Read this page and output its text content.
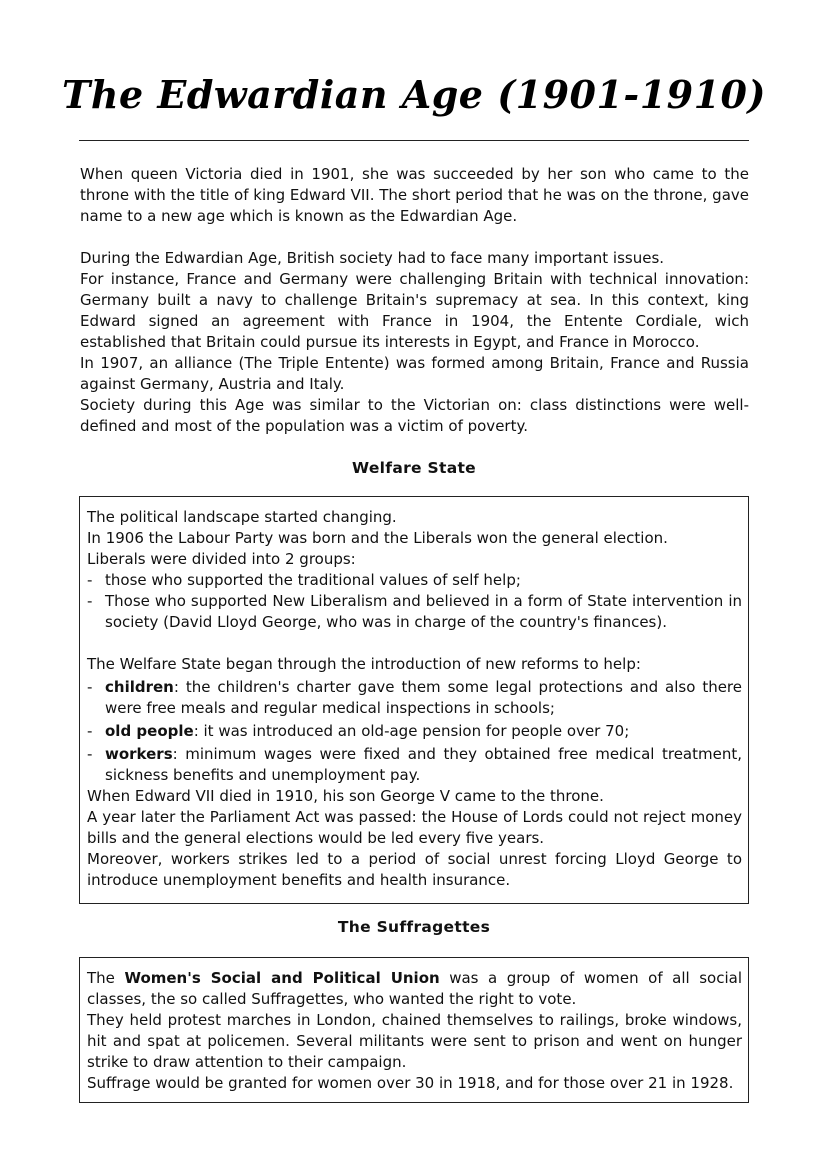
The Edwardian Age (1901-1910)

When queen Victoria died in 1901, she was succeeded by her son who came to the throne with the title of king Edward VII. The short period that he was on the throne, gave name to a new age which is known as the Edwardian Age.

During the Edwardian Age, British society had to face many important issues.

For instance, France and Germany were challenging Britain with technical innovation: Germany built a navy to challenge Britain's supremacy at sea. In this context, king Edward signed an agreement with France in 1904, the Entente Cordiale, wich established that Britain could pursue its interests in Egypt, and France in Morocco.

In 1907, an alliance (The Triple Entente) was formed among Britain, France and Russia against Germany, Austria and Italy.

Society during this Age was similar to the Victorian on: class distinctions were well-defined and most of the population was a victim of poverty.

Welfare State

The political landscape started changing.

In 1906 the Labour Party was born and the Liberals won the general election.

Liberals were divided into 2 groups:

- those who supported the traditional values of self help;
- Those who supported New Liberalism and believed in a form of State intervention in society (David Lloyd George, who was in charge of the country's finances).

The Welfare State began through the introduction of new reforms to help:

- children: the children's charter gave them some legal protections and also there were free meals and regular medical inspections in schools;
- old people: it was introduced an old-age pension for people over 70;
- workers: minimum wages were fixed and they obtained free medical treatment, sickness benefits and unemployment pay.

When Edward VII died in 1910, his son George V came to the throne.

A year later the Parliament Act was passed: the House of Lords could not reject money bills and the general elections would be led every five years.

Moreover, workers strikes led to a period of social unrest forcing Lloyd George to introduce unemployment benefits and health insurance.

The Suffragettes

The Women's Social and Political Union was a group of women of all social classes, the so called Suffragettes, who wanted the right to vote.

They held protest marches in London, chained themselves to railings, broke windows, hit and spat at policemen. Several militants were sent to prison and went on hunger strike to draw attention to their campaign.

Suffrage would be granted for women over 30 in 1918, and for those over 21 in 1928.
